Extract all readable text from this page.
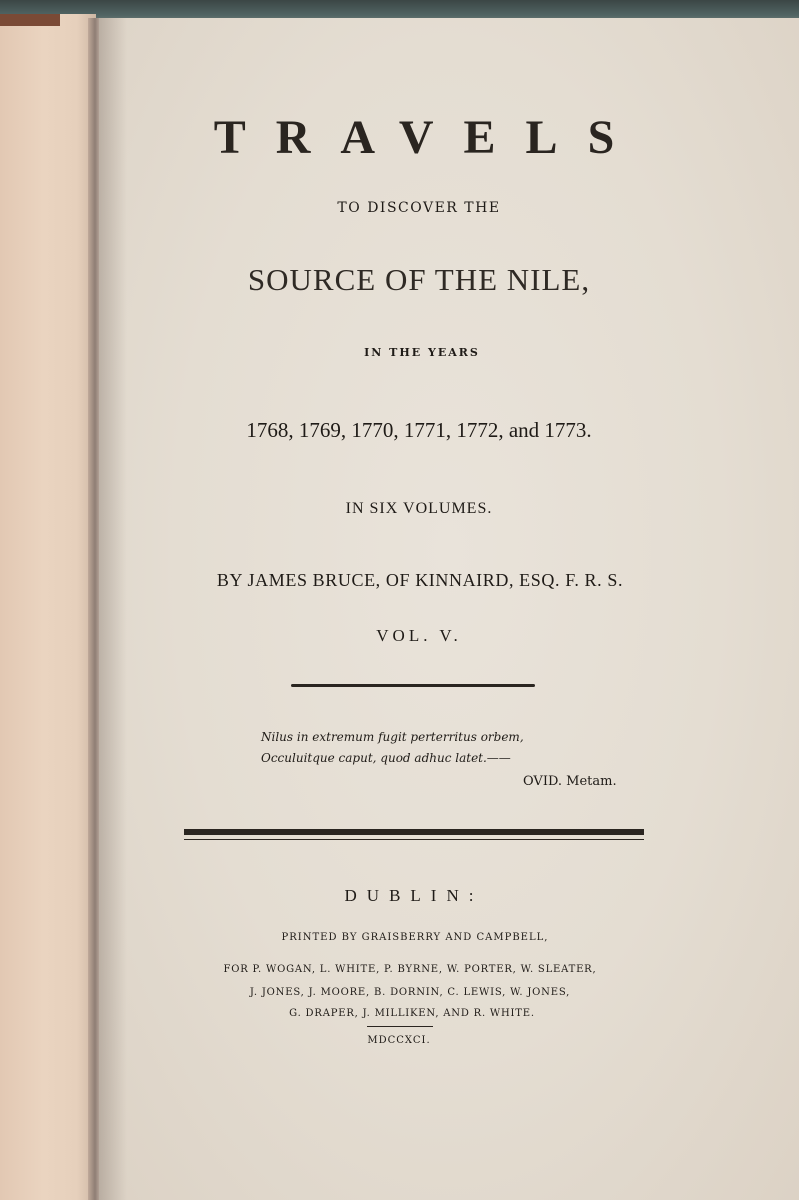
TRAVELS
TO DISCOVER THE
SOURCE OF THE NILE,
IN THE YEARS
1768, 1769, 1770, 1771, 1772, and 1773.
IN SIX VOLUMES.
BY JAMES BRUCE, OF KINNAIRD, ESQ. F. R. S.
VOL. V.
Nilus in extremum fugit perterritus orbem,
Occuluitque caput, quod adhuc latet.——
OVID. Metam.
DUBLIN:
PRINTED BY GRAISBERRY AND CAMPBELL,
FOR P. WOGAN, L. WHITE, P. BYRNE, W. PORTER, W. SLEATER,
J. JONES, J. MOORE, B. DORNIN, C. LEWIS, W. JONES,
G. DRAPER, J. MILLIKEN, AND R. WHITE.
MDCCXCI.
